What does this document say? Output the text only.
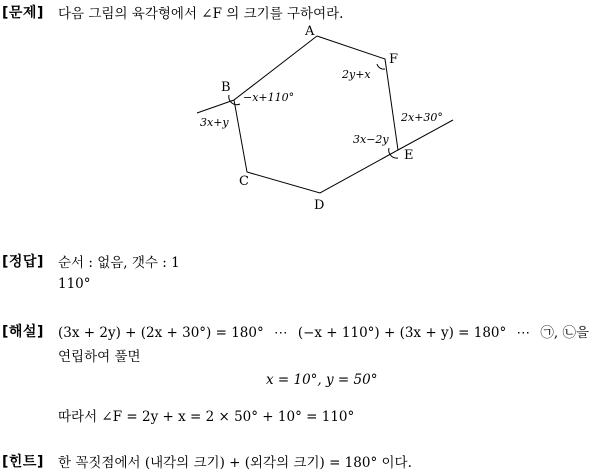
[문제] 다음 그림의 육각형에서 ∠F 의 크기를 구하여라.
A
F
B
E
C
D
2y+x
2x+30°
−x+110°
3x+y
3x−2y
[정답] 순서 : 없음, 갯수 : 1
110°
[해설] (3x + 2y) + (2x + 30°) = 180° ⋯ (−x + 110°) + (3x + y) = 180° ⋯ ㉠, ㉡을
연립하여 풀면
x = 10°, y = 50°
따라서 ∠F = 2y + x = 2 × 50° + 10° = 110°
[힌트] 한 꼭짓점에서 (내각의 크기) + (외각의 크기) = 180° 이다.
